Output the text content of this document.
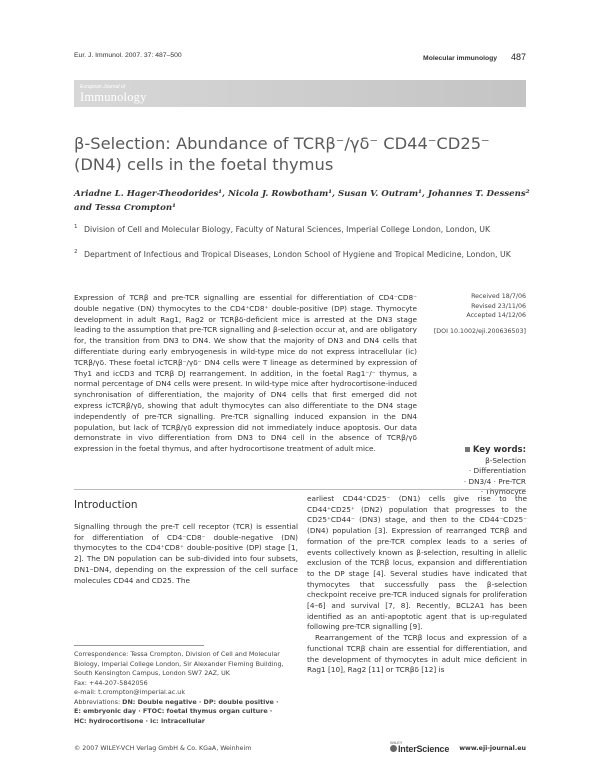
Eur. J. Immunol. 2007. 37: 487–500	Molecular immunology 487
European Journal of
Immunology
β-Selection: Abundance of TCRβ⁻/γδ⁻ CD44⁻CD25⁻ (DN4) cells in the foetal thymus
Ariadne L. Hager-Theodorides¹, Nicola J. Rowbotham¹, Susan V. Outram¹, Johannes T. Dessens² and Tessa Crompton¹
1 Division of Cell and Molecular Biology, Faculty of Natural Sciences, Imperial College London, London, UK
2 Department of Infectious and Tropical Diseases, London School of Hygiene and Tropical Medicine, London, UK
Expression of TCRβ and pre-TCR signalling are essential for differentiation of CD4⁻CD8⁻ double negative (DN) thymocytes to the CD4⁺CD8⁺ double-positive (DP) stage. Thymocyte development in adult Rag1, Rag2 or TCRβδ-deficient mice is arrested at the DN3 stage leading to the assumption that pre-TCR signalling and β-selection occur at, and are obligatory for, the transition from DN3 to DN4. We show that the majority of DN3 and DN4 cells that differentiate during early embryogenesis in wild-type mice do not express intracellular (ic) TCRβ/γδ. These foetal icTCRβ⁻/γδ⁻ DN4 cells were T lineage as determined by expression of Thy1 and icCD3 and TCRβ DJ rearrangement. In addition, in the foetal Rag1⁻/⁻ thymus, a normal percentage of DN4 cells were present. In wild-type mice after hydrocortisone-induced synchronisation of differentiation, the majority of DN4 cells that first emerged did not express icTCRβ/γδ, showing that adult thymocytes can also differentiate to the DN4 stage independently of pre-TCR signalling. Pre-TCR signalling induced expansion in the DN4 population, but lack of TCRβ/γδ expression did not immediately induce apoptosis. Our data demonstrate in vivo differentiation from DN3 to DN4 cell in the absence of TCRβ/γδ expression in the foetal thymus, and after hydrocortisone treatment of adult mice.
Received 18/7/06
Revised 23/11/06
Accepted 14/12/06
[DOI 10.1002/eji.200636503]
Key words:
β-Selection
· Differentiation
· DN3/4 · Pre-TCR
· Thymocyte
Introduction
Signalling through the pre-T cell receptor (TCR) is essential for differentiation of CD4⁻CD8⁻ double-negative (DN) thymocytes to the CD4⁺CD8⁺ double-positive (DP) stage [1, 2]. The DN population can be sub-divided into four subsets, DN1–DN4, depending on the expression of the cell surface molecules CD44 and CD25. The
earliest CD44⁺CD25⁻ (DN1) cells give rise to the CD44⁺CD25⁺ (DN2) population that progresses to the CD25⁺CD44⁻ (DN3) stage, and then to the CD44⁻CD25⁻ (DN4) population [3]. Expression of rearranged TCRβ and formation of the pre-TCR complex leads to a series of events collectively known as β-selection, resulting in allelic exclusion of the TCRβ locus, expansion and differentiation to the DP stage [4]. Several studies have indicated that thymocytes that successfully pass the β-selection checkpoint receive pre-TCR induced signals for proliferation [4–6] and survival [7, 8]. Recently, BCL2A1 has been identified as an anti-apoptotic agent that is up-regulated following pre-TCR signalling [9].
Rearrangement of the TCRβ locus and expression of a functional TCRβ chain are essential for differentiation, and the development of thymocytes in adult mice deficient in Rag1 [10], Rag2 [11] or TCRβδ [12] is
Correspondence: Tessa Crompton, Division of Cell and Molecular Biology, Imperial College London, Sir Alexander Fleming Building, South Kensington Campus, London SW7 2AZ, UK
Fax: +44-207-5842056
e-mail: t.crompton@imperial.ac.uk
Abbreviations: DN: Double negative · DP: double positive ·
E: embryonic day · FTOC: foetal thymus organ culture ·
HC: hydrocortisone · ic: intracellular
© 2007 WILEY-VCH Verlag GmbH & Co. KGaA, Weinheim
WILEY
InterScience www.eji-journal.eu
